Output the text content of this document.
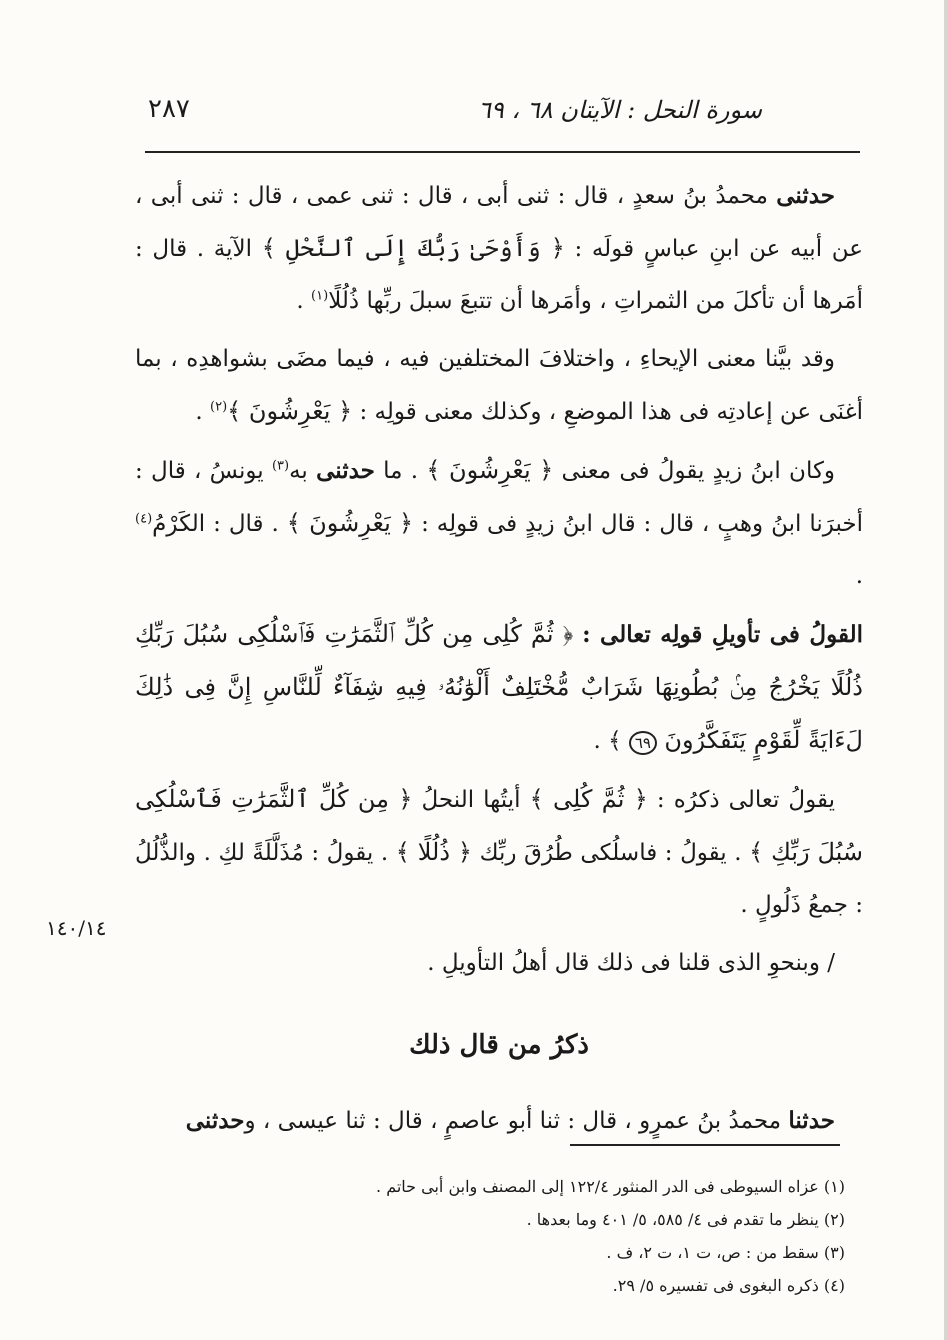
٢٨٧	سورة النحل : الآيتان ٦٨ ، ٦٩

حدثنى محمدُ بنُ سعدٍ ، قال : ثنى أبى ، قال : ثنى عمى ، قال : ثنى أبى ، عن أبيه عن ابنِ عباسٍ قولَه : ﴿ وَأَوْحَىٰ رَبُّكَ إِلَى ٱلنَّحْلِ ﴾ الآية . قال : أمَرها أن تأكلَ من الثمراتِ ، وأمَرها أن تتبعَ سبلَ ربِّها ذُلُلًا$^{(١)}$ .

وقد بيَّنا معنى الإيحاءِ ، واختلافَ المختلفين فيه ، فيما مضَى بشواهدِه ، بما أغنَى عن إعادتِه فى هذا الموضعِ ، وكذلك معنى قولِه : ﴿ يَعْرِشُونَ ﴾$^{(٢)}$ .

وكان ابنُ زيدٍ يقولُ فى معنى ﴿ يَعْرِشُونَ ﴾ . ما حدثنى به$^{(٣)}$ يونسُ ، قال : أخبرَنا ابنُ وهبٍ ، قال : قال ابنُ زيدٍ فى قولِه : ﴿ يَعْرِشُونَ ﴾ . قال : الكَرْمُ$^{(٤)}$ .

القولُ فى تأويلِ قولِه تعالى : ﴿ ثُمَّ كُلِى مِن كُلِّ ٱلثَّمَرَٰتِ فَٱسْلُكِى سُبُلَ رَبِّكِ ذُلُلًا يَخْرُجُ مِنۢ بُطُونِهَا شَرَابٌ مُّخْتَلِفٌ أَلْوَٰنُهُۥ فِيهِ شِفَآءٌ لِّلنَّاسِ إِنَّ فِى ذَٰلِكَ لَءَايَةً لِّقَوْمٍ يَتَفَكَّرُونَ ٦٩ ﴾ .

يقولُ تعالى ذكرُه : ﴿ ثُمَّ كُلِى ﴾ أيتُها النحلُ ﴿ مِن كُلِّ ٱلثَّمَرَٰتِ فَٱسْلُكِى سُبُلَ رَبِّكِ ﴾ . يقولُ : فاسلُكى طُرُقَ ربِّك ﴿ ذُلُلًا ﴾ . يقولُ : مُذَلَّلَةً لكِ . والذُّلُلُ : جمعُ ذَلُولٍ .

/ وبنحوِ الذى قلنا فى ذلك قال أهلُ التأويلِ .

ذكرُ من قال ذلك

حدثنا محمدُ بنُ عمرٍو ، قال : ثنا أبو عاصمٍ ، قال : ثنا عيسى ، وحدثنى

١٤٠/١٤

(١) عزاه السيوطى فى الدر المنثور ١٢٢/٤ إلى المصنف وابن أبى حاتم .

(٢) ينظر ما تقدم فى ٤/ ٥٨٥، ٥/ ٤٠١ وما بعدها .

(٣) سقط من : ص، ت ١، ت ٢، ف .

(٤) ذكره البغوى فى تفسيره ٥/ ٢٩.
